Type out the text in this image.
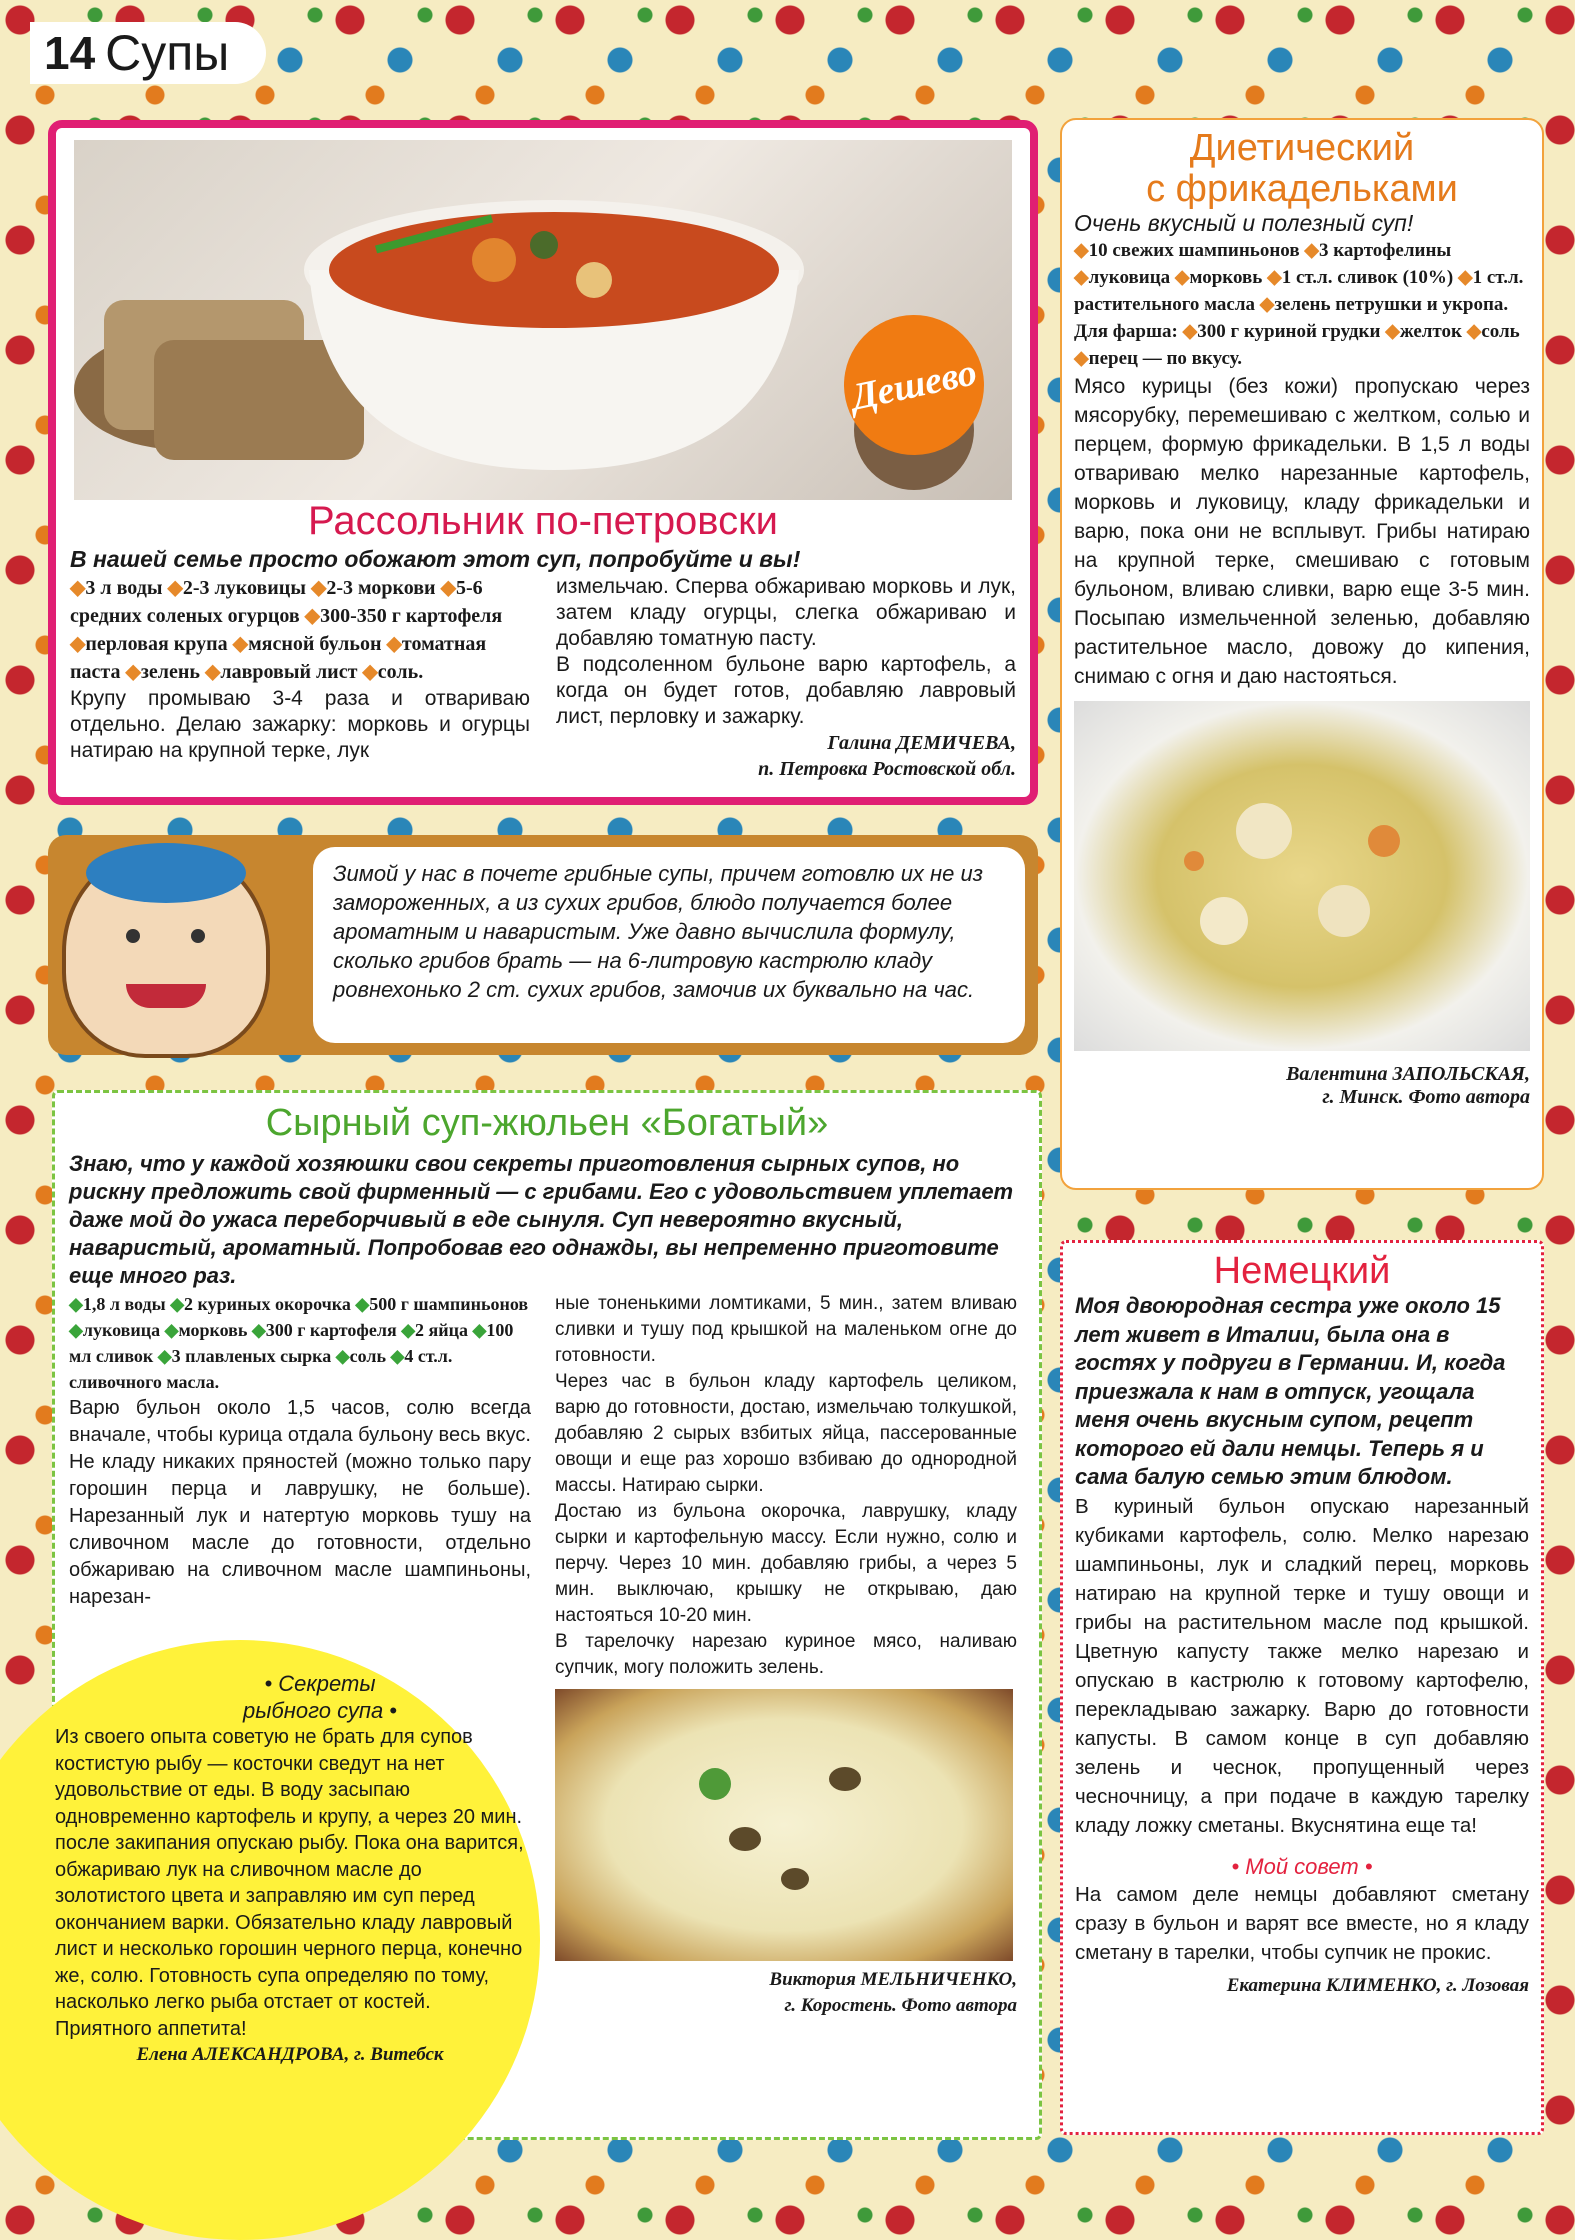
14 Супы
Дешево
Рассольник по-петровски
В нашей семье просто обожают этот суп, попробуйте и вы!
◆3 л воды ◆2-3 луковицы ◆2-3 моркови ◆5-6 средних соленых огурцов ◆300-350 г картофеля ◆перловая крупа ◆мясной бульон ◆томатная паста ◆зелень ◆лавровый лист ◆соль.
Крупу промываю 3-4 раза и отвариваю отдельно. Делаю зажарку: морковь и огурцы натираю на крупной терке, лук
измельчаю. Сперва обжариваю морковь и лук, затем кладу огурцы, слегка обжариваю и добавляю томатную пасту.
В подсоленном бульоне варю картофель, а когда он будет готов, добавляю лавровый лист, перловку и зажарку.
Галина ДЕМИЧЕВА,
п. Петровка Ростовской обл.
Диетический
с фрикадельками
Очень вкусный и полезный суп!
◆10 свежих шампиньонов ◆3 картофелины ◆луковица ◆морковь ◆1 ст.л. сливок (10%) ◆1 ст.л. растительного масла ◆зелень петрушки и укропа.
Для фарша: ◆300 г куриной грудки ◆желток ◆соль ◆перец — по вкусу.
Мясо курицы (без кожи) пропускаю через мясорубку, перемешиваю с желтком, солью и перцем, формую фрикадельки. В 1,5 л воды отвариваю мелко нарезанные картофель, морковь и луковицу, кладу фрикадельки и варю, пока они не всплывут. Грибы натираю на крупной терке, смешиваю с готовым бульоном, вливаю сливки, варю еще 3-5 мин. Посыпаю измельченной зеленью, добавляю растительное масло, довожу до кипения, снимаю с огня и даю настояться.
Валентина ЗАПОЛЬСКАЯ,
г. Минск. Фото автора
Зимой у нас в почете грибные супы, причем готовлю их не из замороженных, а из сухих грибов, блюдо получается более ароматным и наваристым. Уже давно вычислила формулу, сколько грибов брать — на 6-литровую кастрюлю кладу ровнехонько 2 ст. сухих грибов, замочив их буквально на час.
Сырный суп-жюльен «Богатый»
Знаю, что у каждой хозяюшки свои секреты приготовления сырных супов, но рискну предложить свой фирменный — с грибами. Его с удовольствием уплетает даже мой до ужаса переборчивый в еде сынуля. Суп невероятно вкусный, наваристый, ароматный. Попробовав его однажды, вы непременно приготовите еще много раз.
◆1,8 л воды ◆2 куриных окорочка ◆500 г шампиньонов ◆луковица ◆морковь ◆300 г картофеля ◆2 яйца ◆100 мл сливок ◆3 плавленых сырка ◆соль ◆4 ст.л. сливочного масла.
Варю бульон около 1,5 часов, солю всегда вначале, чтобы курица отдала бульону весь вкус. Не кладу никаких пряностей (можно только пару горошин перца и лаврушку, не больше). Нарезанный лук и натертую морковь тушу на сливочном масле до готовности, отдельно обжариваю на сливочном масле шампиньоны, нарезан-
ные тоненькими ломтиками, 5 мин., затем вливаю сливки и тушу под крышкой на маленьком огне до готовности.
Через час в бульон кладу картофель целиком, варю до готовности, достаю, измельчаю толкушкой, добавляю 2 сырых взбитых яйца, пассерованные овощи и еще раз хорошо взбиваю до однородной массы. Натираю сырки.
Достаю из бульона окорочка, лаврушку, кладу сырки и картофельную массу. Если нужно, солю и перчу. Через 10 мин. добавляю грибы, а через 5 мин. выключаю, крышку не открываю, даю настояться 10-20 мин.
В тарелочку нарезаю куриное мясо, наливаю супчик, могу положить зелень.
Виктория МЕЛЬНИЧЕНКО,
г. Коростень. Фото автора
• Секреты
рыбного супа •
Из своего опыта советую не брать для супов костистую рыбу — косточки сведут на нет удовольствие от еды. В воду засыпаю одновременно картофель и крупу, а через 20 мин. после закипания опускаю рыбу. Пока она варится, обжариваю лук на сливочном масле до золотистого цвета и заправляю им суп перед окончанием варки. Обязательно кладу лавровый лист и несколько горошин черного перца, конечно же, солю. Готовность супа определяю по тому, насколько легко рыба отстает от костей. Приятного аппетита!
Елена АЛЕКСАНДРОВА, г. Витебск
Немецкий
Моя двоюродная сестра уже около 15 лет живет в Италии, была она в гостях у подруги в Германии. И, когда приезжала к нам в отпуск, угощала меня очень вкусным супом, рецепт которого ей дали немцы. Теперь я и сама балую семью этим блюдом.
В куриный бульон опускаю нарезанный кубиками картофель, солю. Мелко нарезаю шампиньоны, лук и сладкий перец, морковь натираю на крупной терке и тушу овощи и грибы на растительном масле под крышкой. Цветную капусту также мелко нарезаю и опускаю в кастрюлю к готовому картофелю, перекладываю зажарку. Варю до готовности капусты. В самом конце в суп добавляю зелень и чеснок, пропущенный через чесночницу, а при подаче в каждую тарелку кладу ложку сметаны. Вкуснятина еще та!
• Мой совет •
На самом деле немцы добавляют сметану сразу в бульон и варят все вместе, но я кладу сметану в тарелки, чтобы супчик не прокис.
Екатерина КЛИМЕНКО, г. Лозовая
